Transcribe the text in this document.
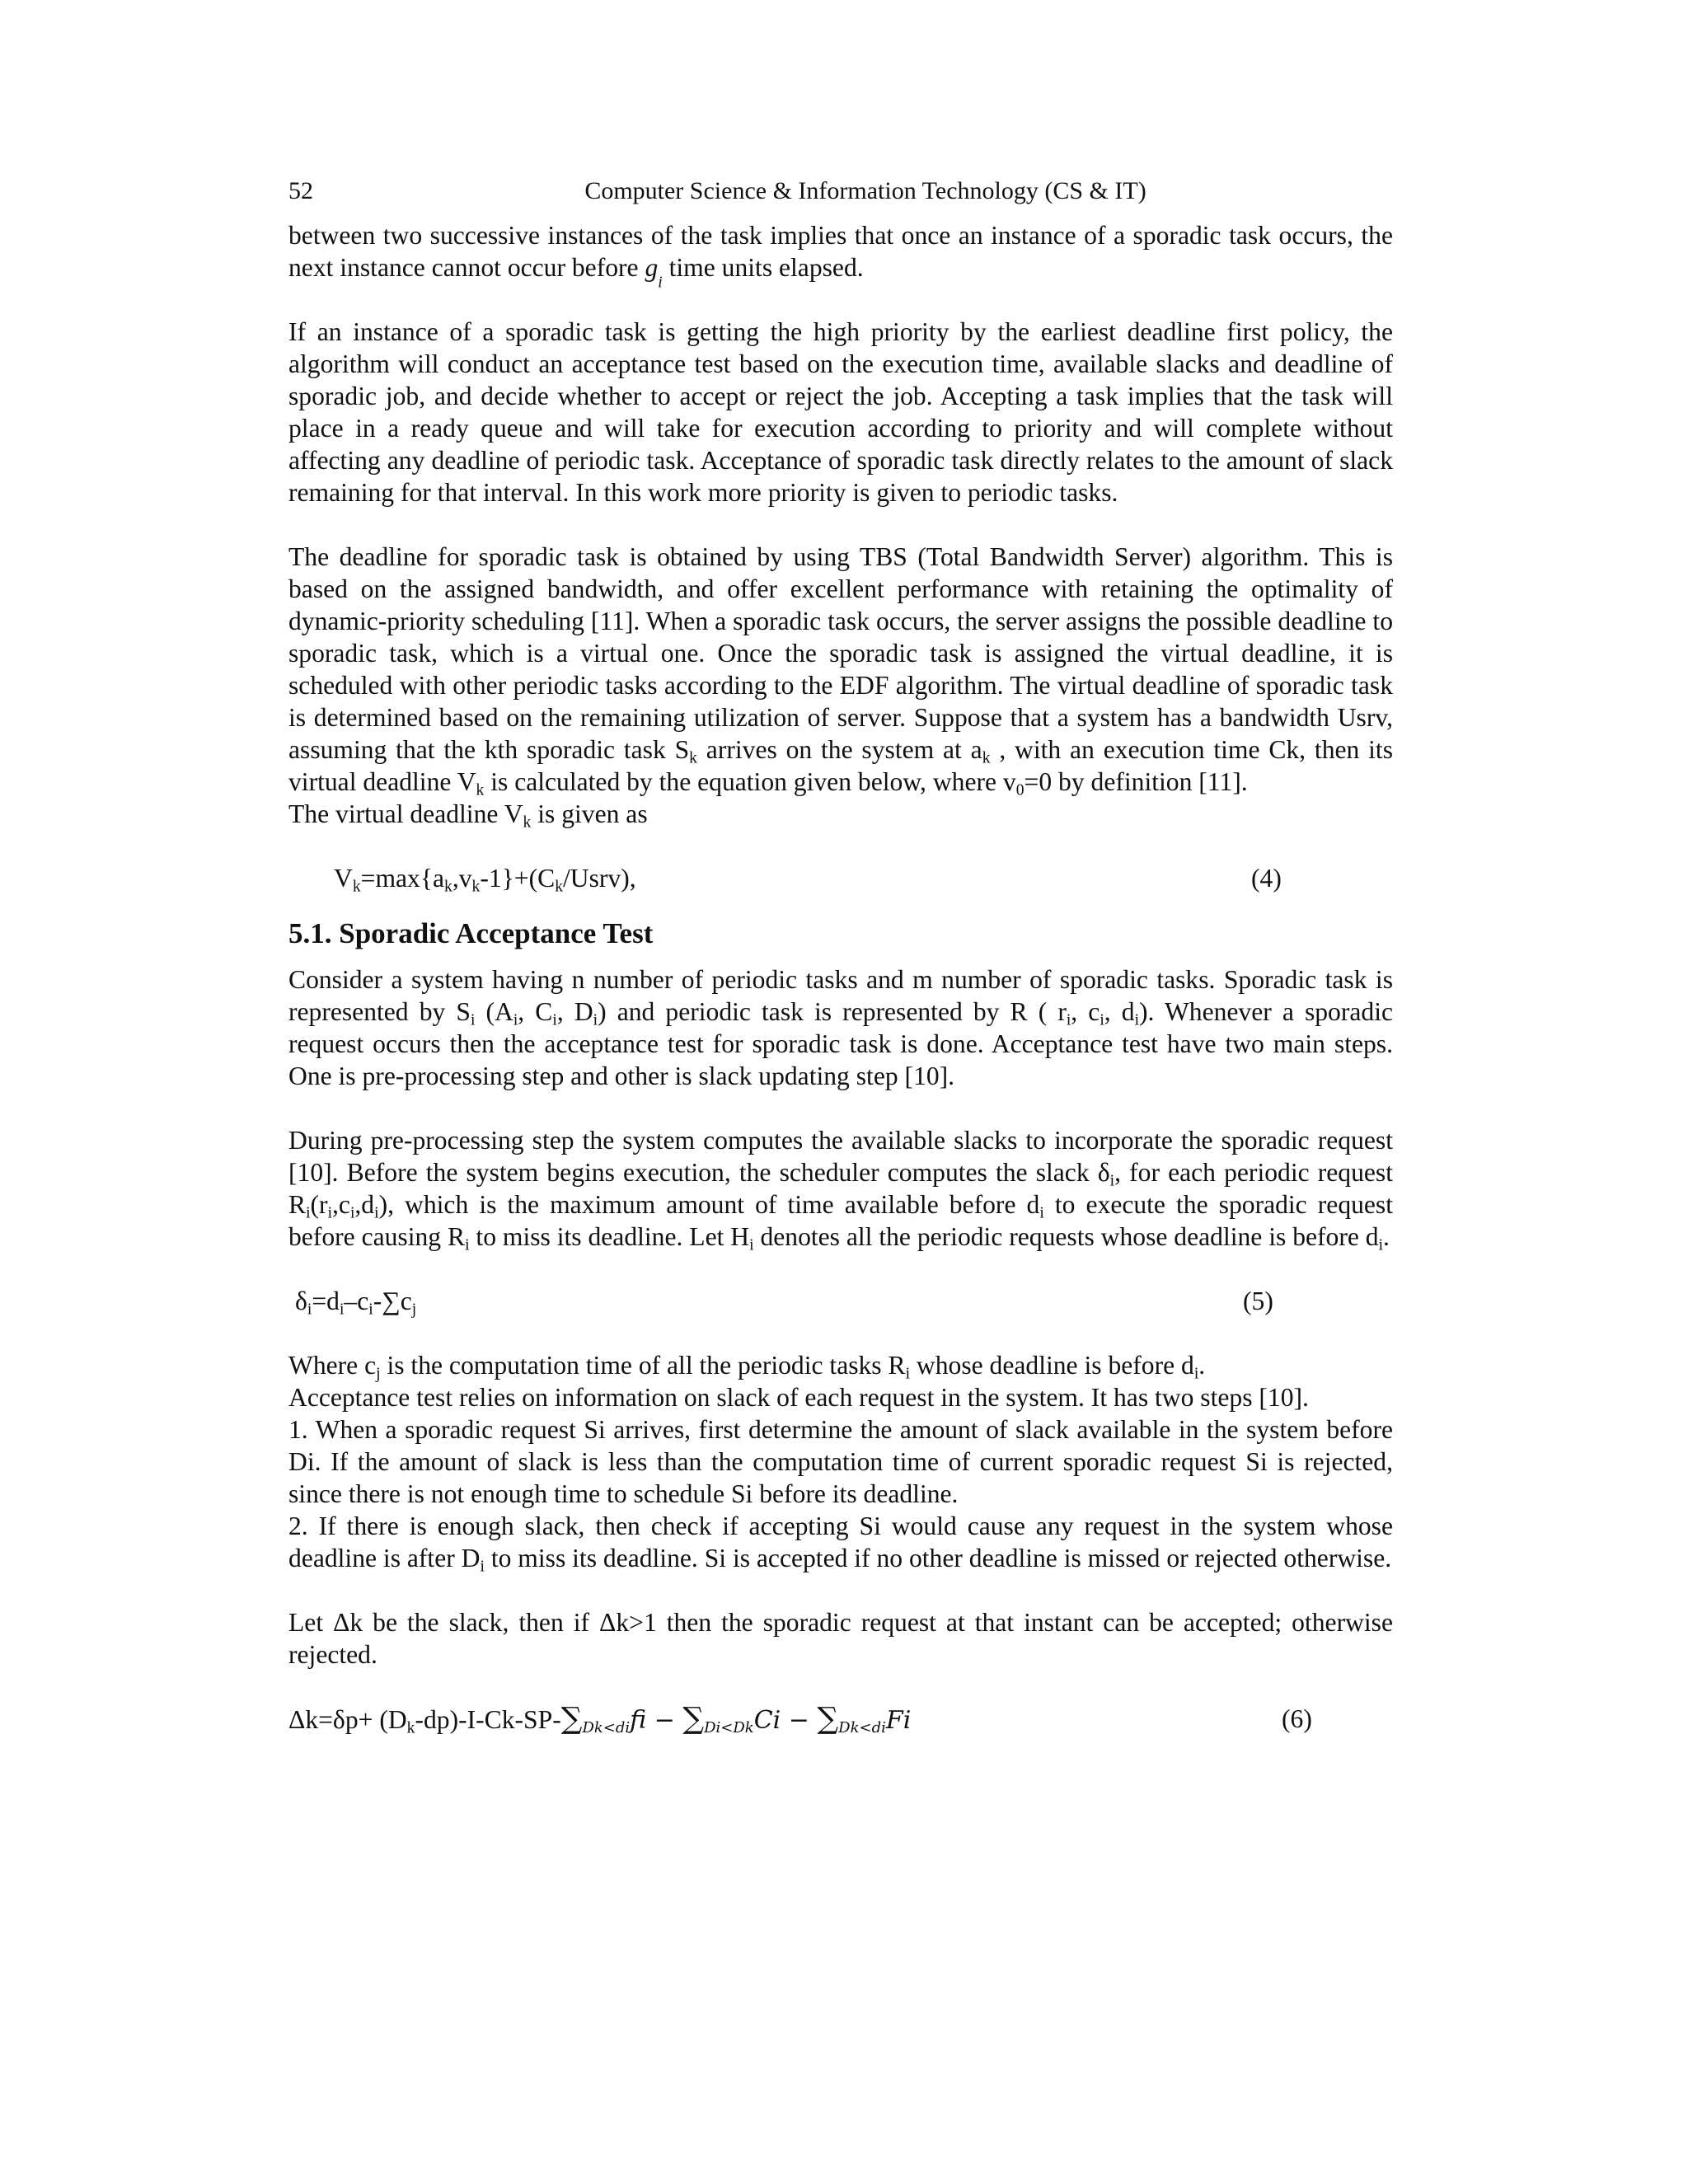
52	Computer Science & Information Technology (CS & IT)

between two successive instances of the task implies that once an instance of a sporadic task occurs, the next instance cannot occur before $g_i$ time units elapsed.

If an instance of a sporadic task is getting the high priority by the earliest deadline first policy, the algorithm will conduct an acceptance test based on the execution time, available slacks and deadline of sporadic job, and decide whether to accept or reject the job. Accepting a task implies that the task will place in a ready queue and will take for execution according to priority and will complete without affecting any deadline of periodic task. Acceptance of sporadic task directly relates to the amount of slack remaining for that interval. In this work more priority is given to periodic tasks.

The deadline for sporadic task is obtained by using TBS (Total Bandwidth Server) algorithm. This is based on the assigned bandwidth, and offer excellent performance with retaining the optimality of dynamic-priority scheduling [11]. When a sporadic task occurs, the server assigns the possible deadline to sporadic task, which is a virtual one. Once the sporadic task is assigned the virtual deadline, it is scheduled with other periodic tasks according to the EDF algorithm. The virtual deadline of sporadic task is determined based on the remaining utilization of server. Suppose that a system has a bandwidth Usrv, assuming that the kth sporadic task $S_k$ arrives on the system at $a_k$ , with an execution time Ck, then its virtual deadline $V_k$ is calculated by the equation given below, where $v_0=0$ by definition [11].

The virtual deadline $V_k$ is given as

$V_k=\max\{a_k,v_k-1\}+(C_k/Usrv)$,	(4)
5.1. Sporadic Acceptance Test

Consider a system having n number of periodic tasks and m number of sporadic tasks. Sporadic task is represented by $S_i$ ($A_i$, $C_i$, $D_i$) and periodic task is represented by R ( $r_i$, $c_i$, $d_i$). Whenever a sporadic request occurs then the acceptance test for sporadic task is done. Acceptance test have two main steps. One is pre-processing step and other is slack updating step [10].

During pre-processing step the system computes the available slacks to incorporate the sporadic request [10]. Before the system begins execution, the scheduler computes the slack $\delta_i$, for each periodic request $R_i(r_i,c_i,d_i)$, which is the maximum amount of time available before $d_i$ to execute the sporadic request before causing $R_i$ to miss its deadline. Let $H_i$ denotes all the periodic requests whose deadline is before $d_i$.

$\delta_i=d_i-c_i-\sum c_j$	(5)

Where $c_j$ is the computation time of all the periodic tasks $R_i$ whose deadline is before $d_i$.

Acceptance test relies on information on slack of each request in the system. It has two steps [10].

1. When a sporadic request Si arrives, first determine the amount of slack available in the system before Di. If the amount of slack is less than the computation time of current sporadic request Si is rejected, since there is not enough time to schedule Si before its deadline.

2. If there is enough slack, then check if accepting Si would cause any request in the system whose deadline is after $D_i$ to miss its deadline. Si is accepted if no other deadline is missed or rejected otherwise.

Let Δk be the slack, then if Δk>1 then the sporadic request at that instant can be accepted; otherwise rejected.

$\Delta k=\delta p+ (D_k-dp)-I-Ck-SP-\sum_{Dk<di}fi - \sum_{Di<Dk}Ci - \sum_{Dk<di}Fi$	(6)
